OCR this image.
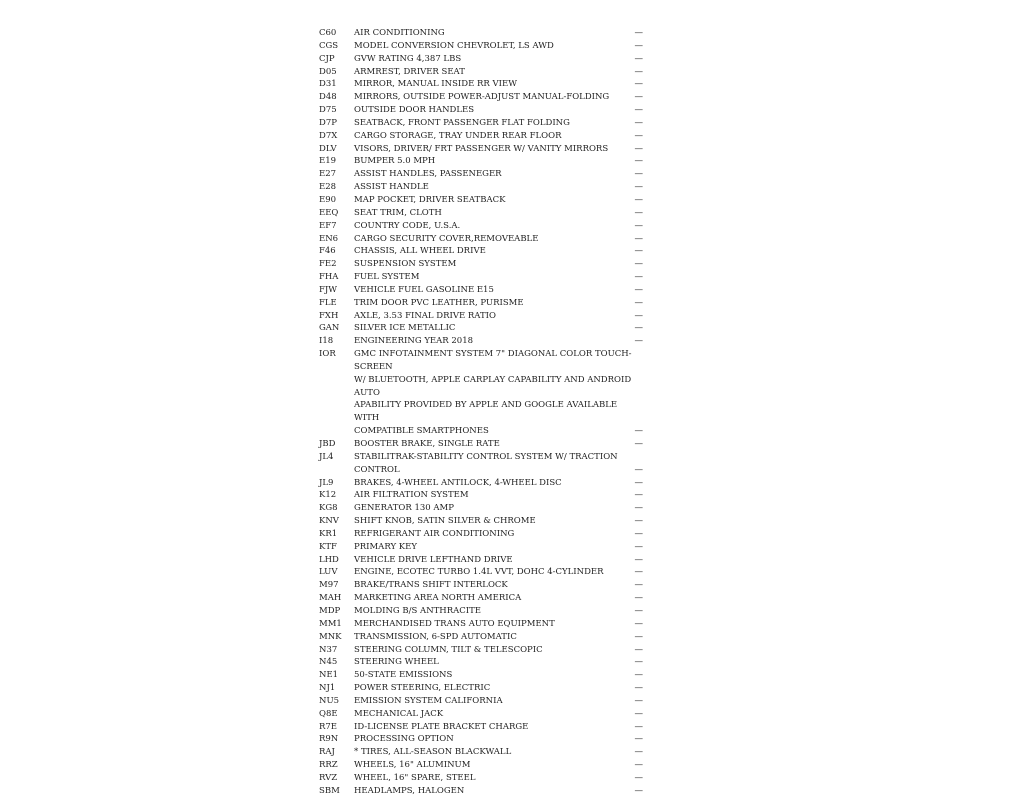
C60	AIR CONDITIONING	—
CGS	MODEL CONVERSION CHEVROLET, LS AWD	—
CJP	GVW RATING 4,387 LBS	—
D05	ARMREST, DRIVER SEAT	—
D31	MIRROR, MANUAL INSIDE RR VIEW	—
D48	MIRRORS, OUTSIDE POWER-ADJUST MANUAL-FOLDING	—
D75	OUTSIDE DOOR HANDLES	—
D7P	SEATBACK, FRONT PASSENGER FLAT FOLDING	—
D7X	CARGO STORAGE, TRAY UNDER REAR FLOOR	—
DLV	VISORS, DRIVER/ FRT PASSENGER W/ VANITY MIRRORS	—
E19	BUMPER 5.0 MPH	—
E27	ASSIST HANDLES, PASSENEGER	—
E28	ASSIST HANDLE	—
E90	MAP POCKET, DRIVER SEATBACK	—
EEQ	SEAT TRIM, CLOTH	—
EF7	COUNTRY CODE, U.S.A.	—
EN6	CARGO SECURITY COVER,REMOVEABLE	—
F46	CHASSIS, ALL WHEEL DRIVE	—
FE2	SUSPENSION SYSTEM	—
FHA	FUEL SYSTEM	—
FJW	VEHICLE FUEL GASOLINE E15	—
FLE	TRIM DOOR PVC LEATHER, PURISME	—
FXH	AXLE, 3.53 FINAL DRIVE RATIO	—
GAN	SILVER ICE METALLIC	—
I18	ENGINEERING YEAR 2018	—
IOR	GMC INFOTAINMENT SYSTEM 7" DIAGONAL COLOR TOUCH-SCREEN
W/ BLUETOOTH, APPLE CARPLAY CAPABILITY AND ANDROID AUTO
APABILITY PROVIDED BY APPLE AND GOOGLE AVAILABLE WITH
COMPATIBLE SMARTPHONES	—
JBD	BOOSTER BRAKE, SINGLE RATE	—
JL4	STABILITRAK-STABILITY CONTROL SYSTEM W/ TRACTION
CONTROL	—
JL9	BRAKES, 4-WHEEL ANTILOCK, 4-WHEEL DISC	—
K12	AIR FILTRATION SYSTEM	—
KG8	GENERATOR 130 AMP	—
KNV	SHIFT KNOB, SATIN SILVER & CHROME	—
KR1	REFRIGERANT AIR CONDITIONING	—
KTF	PRIMARY KEY	—
LHD	VEHICLE DRIVE LEFTHAND DRIVE	—
LUV	ENGINE, ECOTEC TURBO 1.4L VVT, DOHC 4-CYLINDER	—
M97	BRAKE/TRANS SHIFT INTERLOCK	—
MAH	MARKETING AREA NORTH AMERICA	—
MDP	MOLDING B/S ANTHRACITE	—
MM1	MERCHANDISED TRANS AUTO EQUIPMENT	—
MNK	TRANSMISSION, 6-SPD AUTOMATIC	—
N37	STEERING COLUMN, TILT & TELESCOPIC	—
N45	STEERING WHEEL	—
NE1	50-STATE EMISSIONS	—
NJ1	POWER STEERING, ELECTRIC	—
NU5	EMISSION SYSTEM CALIFORNIA	—
Q8E	MECHANICAL JACK	—
R7E	ID-LICENSE PLATE BRACKET CHARGE	—
R9N	PROCESSING OPTION	—
RAJ	* TIRES, ALL-SEASON BLACKWALL	—
RRZ	WHEELS, 16" ALUMINUM	—
RVZ	WHEEL, 16" SPARE, STEEL	—
SBM	HEADLAMPS, HALOGEN	—
